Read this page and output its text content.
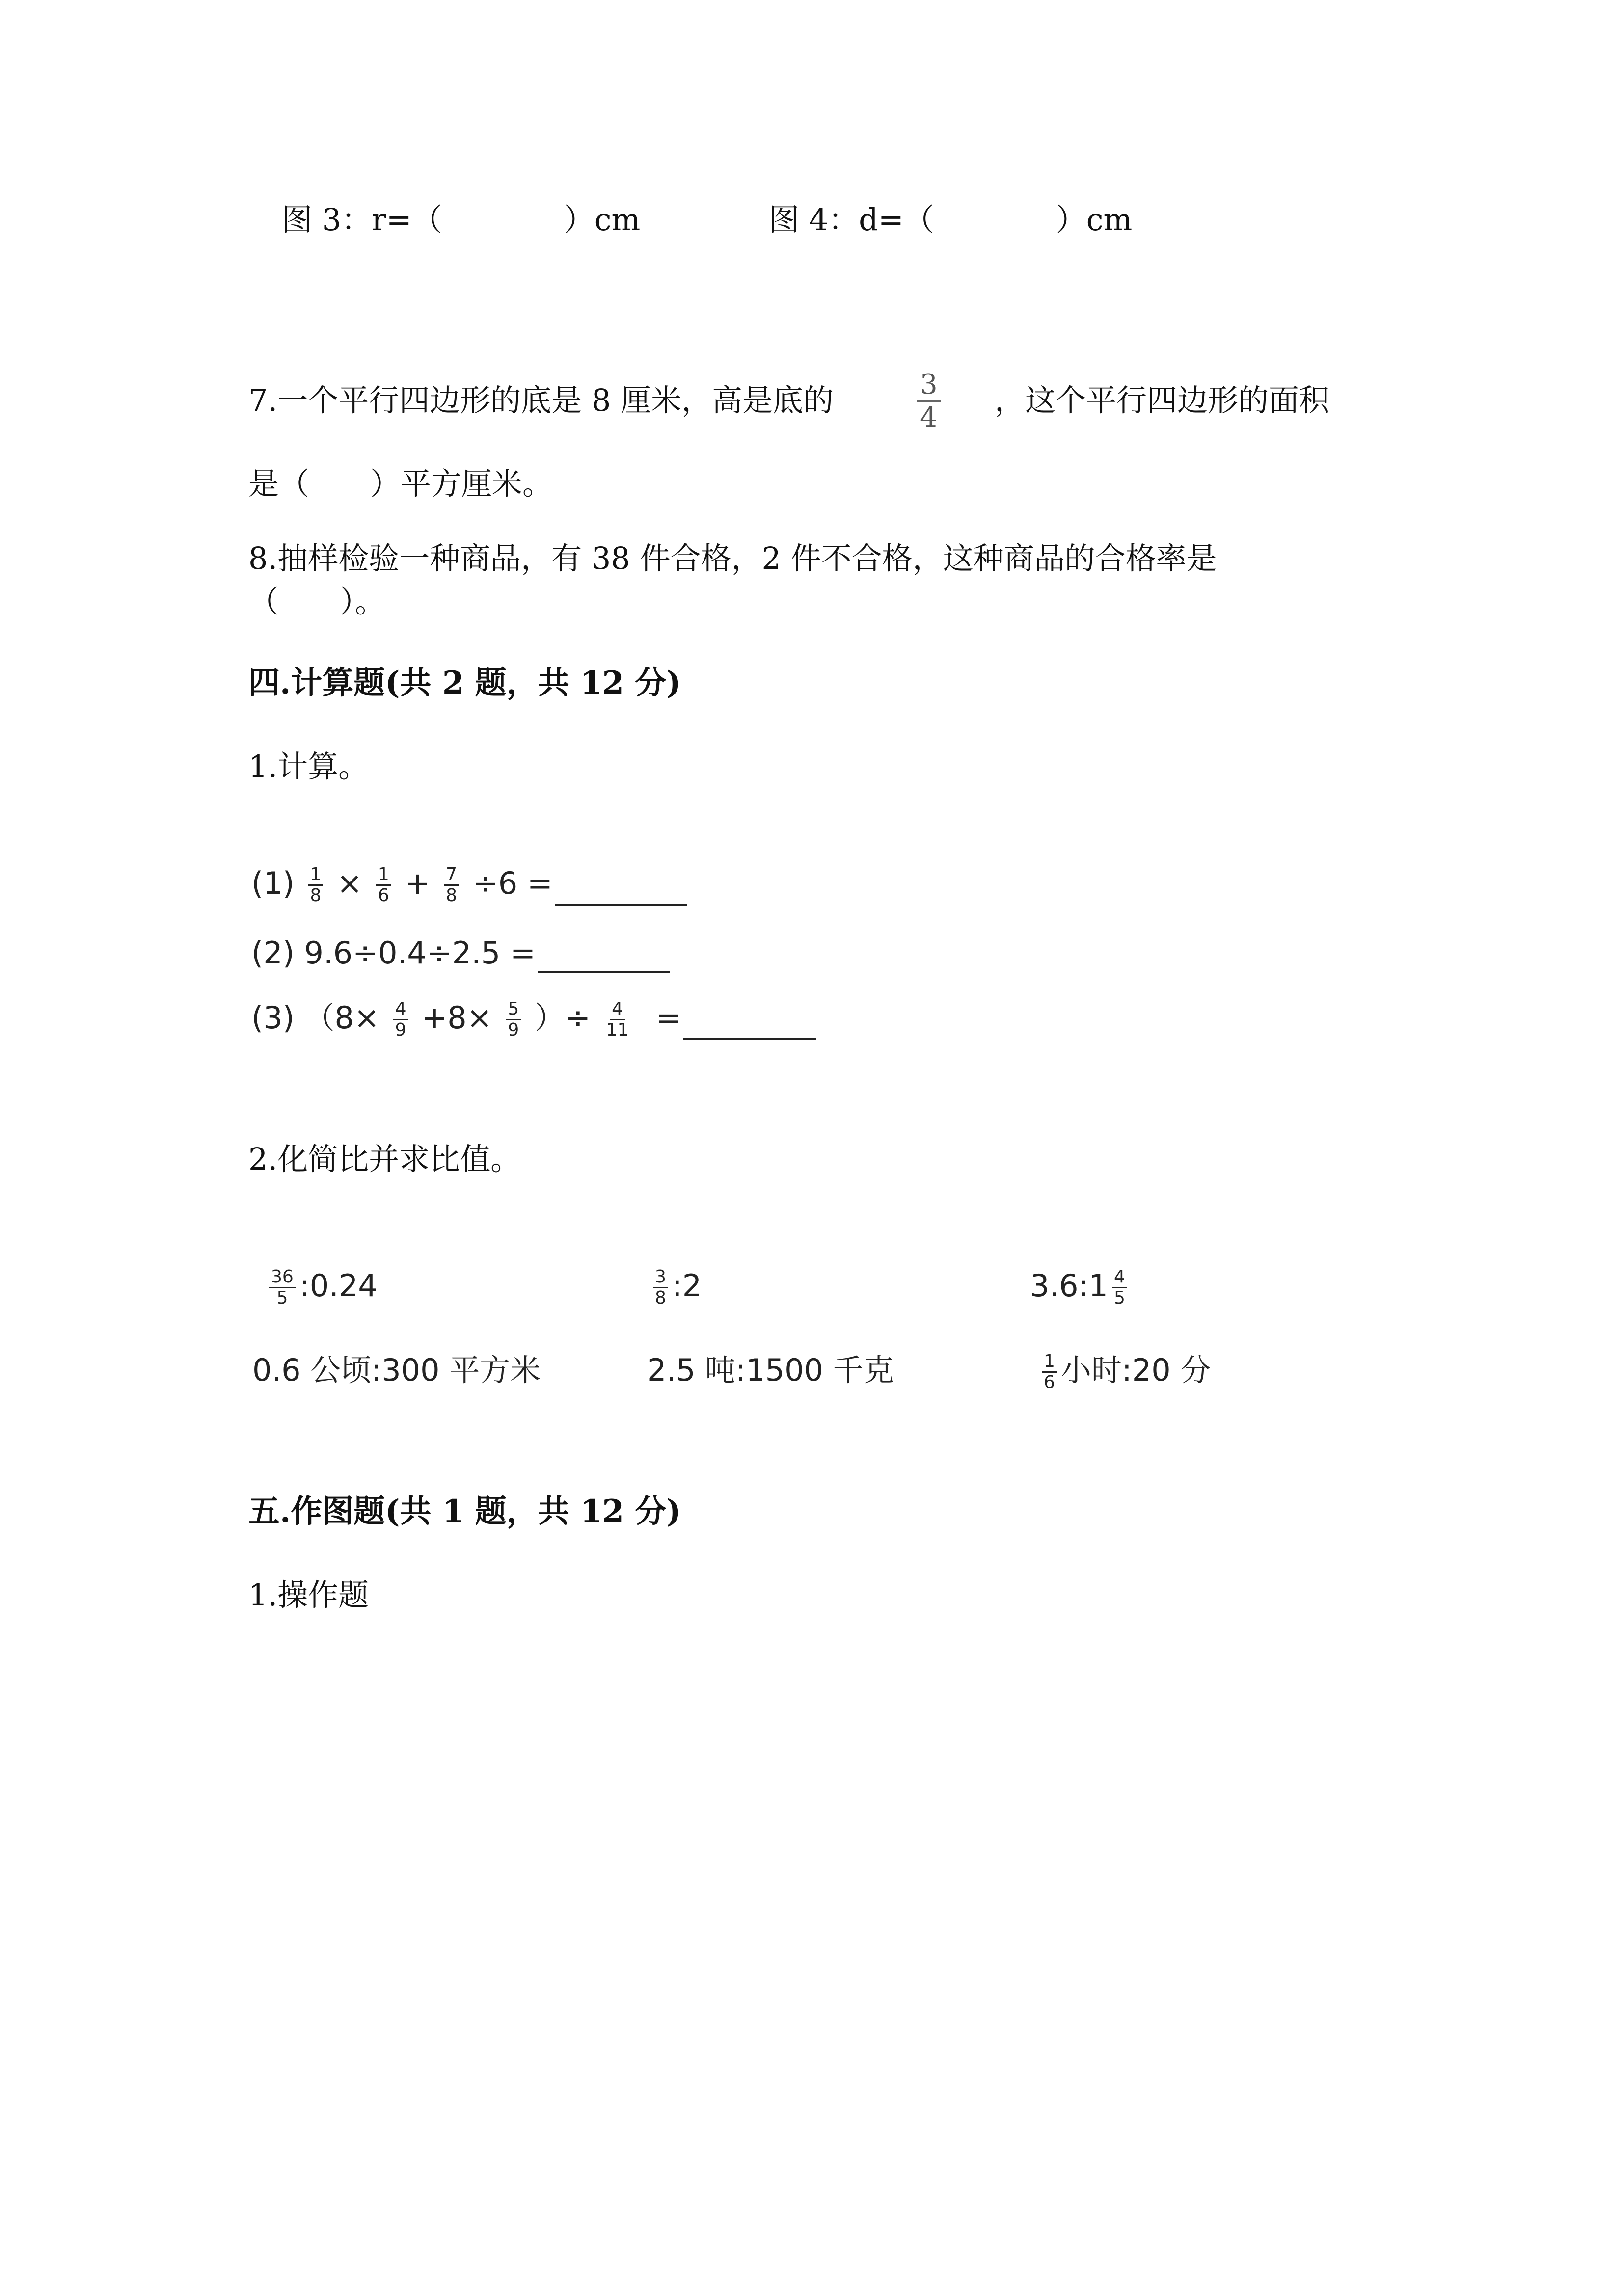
图 3：r=（　　　　）cm	图 4：d=（　　　　）cm
7.一个平行四边形的底是 8 厘米，高是底的	$\frac{3}{4}$ ，这个平行四边形的面积
是（　　）平方厘米。
8.抽样检验一种商品，有 38 件合格，2 件不合格，这种商品的合格率是
（　　）。
四.计算题(共 2 题，共 12 分)
1.计算。
$(1) \frac{1}{8} \times \frac{1}{6} + \frac{7}{8} \div 6$ =
(2) 9.6÷0.4÷2.5 =
(3) （$8\times \frac{4}{9} +8\times \frac{5}{9}$ ）÷ $\frac{4}{11}$ =
2.化简比并求比值。
$\frac{36}{5}$ :0.24	$\frac{3}{8}$ :2	3.6:1 $\frac{4}{5}$
0.6 公顷:300 平方米	2.5 吨:1500 千克	$\frac{1}{6}$ 小时:20 分
五.作图题(共 1 题，共 12 分)
1.操作题
